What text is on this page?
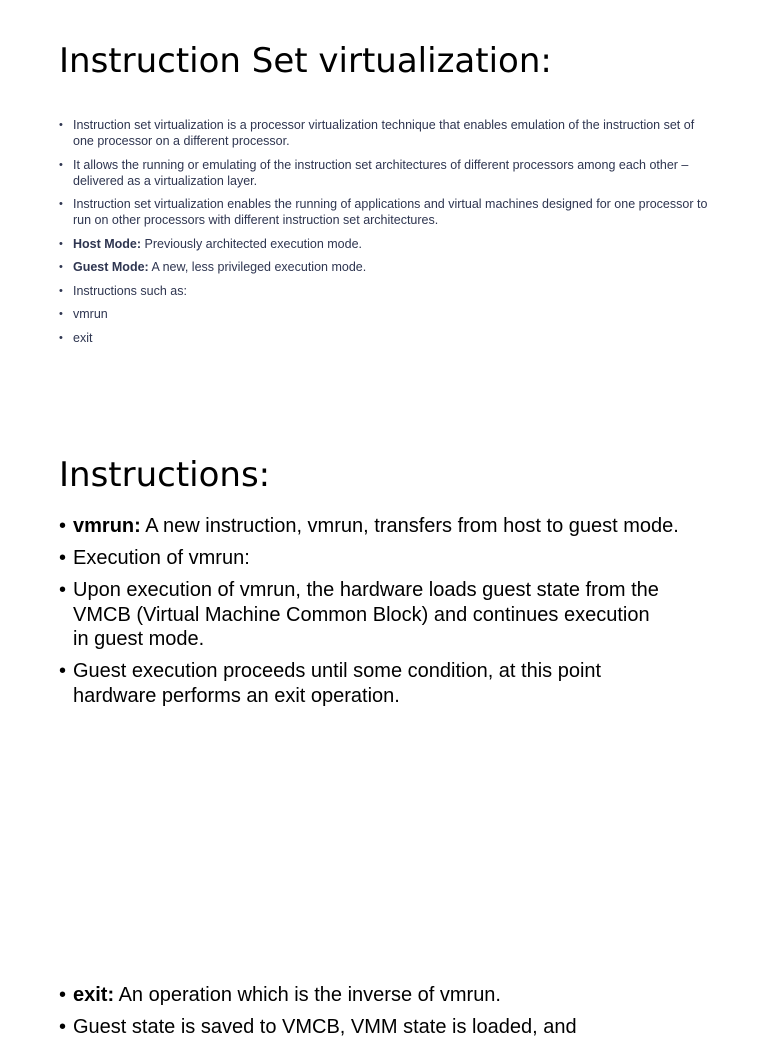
Instruction Set virtualization:
• Instruction set virtualization is a processor virtualization technique that enables emulation of the instruction set of one processor on a different processor.
• It allows the running or emulating of the instruction set architectures of different processors among each other – delivered as a virtualization layer.
• Instruction set virtualization enables the running of applications and virtual machines designed for one processor to run on other processors with different instruction set architectures.
• Host Mode: Previously architected execution mode.
• Guest Mode: A new, less privileged execution mode.
• Instructions such as:
• vmrun
• exit
Instructions:
• vmrun: A new instruction, vmrun, transfers from host to guest mode.
• Execution of vmrun:
• Upon execution of vmrun, the hardware loads guest state from the VMCB (Virtual Machine Common Block) and continues execution in guest mode.
• Guest execution proceeds until some condition, at this point hardware performs an exit operation.
• exit: An operation which is the inverse of vmrun.
• Guest state is saved to VMCB, VMM state is loaded, and
